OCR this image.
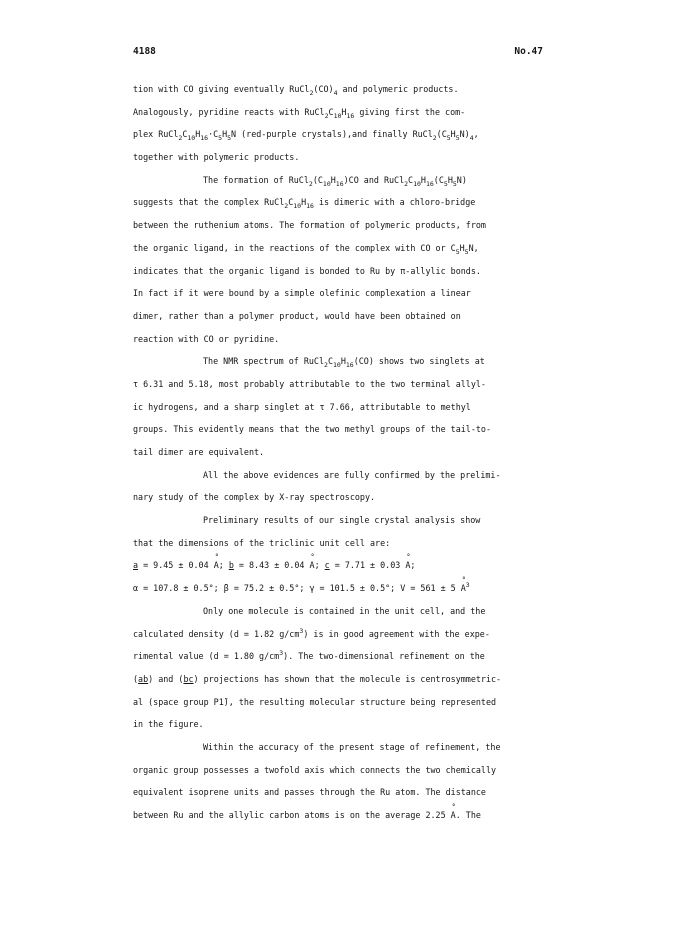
4188	No.47
tion with CO giving eventually $RuCl_2(CO)_4$ and polymeric products.
Analogously, pyridine reacts with $RuCl_2C_{10}H_{16}$ giving first the com-
plex $RuCl_2C_{10}H_{16}\cdot C_5H_5N$ (red-purple crystals),and finally $RuCl_2(C_5H_5N)_4$,
together with polymeric products.
The formation of $RuCl_2(C_{10}H_{16})CO$ and $RuCl_2C_{10}H_{16}(C_5H_5N)$
suggests that the complex $RuCl_2C_{10}H_{16}$ is dimeric with a chloro-bridge
between the ruthenium atoms. The formation of polymeric products, from
the organic ligand, in the reactions of the complex with CO or $C_5H_5N$,
indicates that the organic ligand is bonded to Ru by π-allylic bonds.
In fact if it were bound by a simple olefinic complexation a linear
dimer, rather than a polymer product, would have been obtained on
reaction with CO or pyridine.
The NMR spectrum of $RuCl_2C_{10}H_{16}(CO)$ shows two singlets at
τ 6.31 and 5.18, most probably attributable to the two terminal allyl-
ic hydrogens, and a sharp singlet at τ 7.66, attributable to methyl
groups. This evidently means that the two methyl groups of the tail-to-
tail dimer are equivalent.
All the above evidences are fully confirmed by the prelimi-
nary study of the complex by X-ray spectroscopy.
Preliminary results of our single crystal analysis show
that the dimensions of the triclinic unit cell are:
a = 9.45 ± 0.04 ° A; b = 8.43 ± 0.04 ° A; c = 7.71 ± 0.03 ° A;
α = 107.8 ± 0.5°; β = 75.2 ± 0.5°; γ = 101.5 ± 0.5°; V = 561 ± 5 ° $A^3$
Only one molecule is contained in the unit cell, and the
calculated density (d = 1.82 $g/cm^3$) is in good agreement with the expe-
rimental value (d = 1.80 $g/cm^3$). The two-dimensional refinement on the
(ab) and (bc) projections has shown that the molecule is centrosymmetric-
al (space group P1̄), the resulting molecular structure being represented
in the figure.
Within the accuracy of the present stage of refinement, the
organic group possesses a twofold axis which connects the two chemically
equivalent isoprene units and passes through the Ru atom. The distance
between Ru and the allylic carbon atoms is on the average 2.25 ° A. The
